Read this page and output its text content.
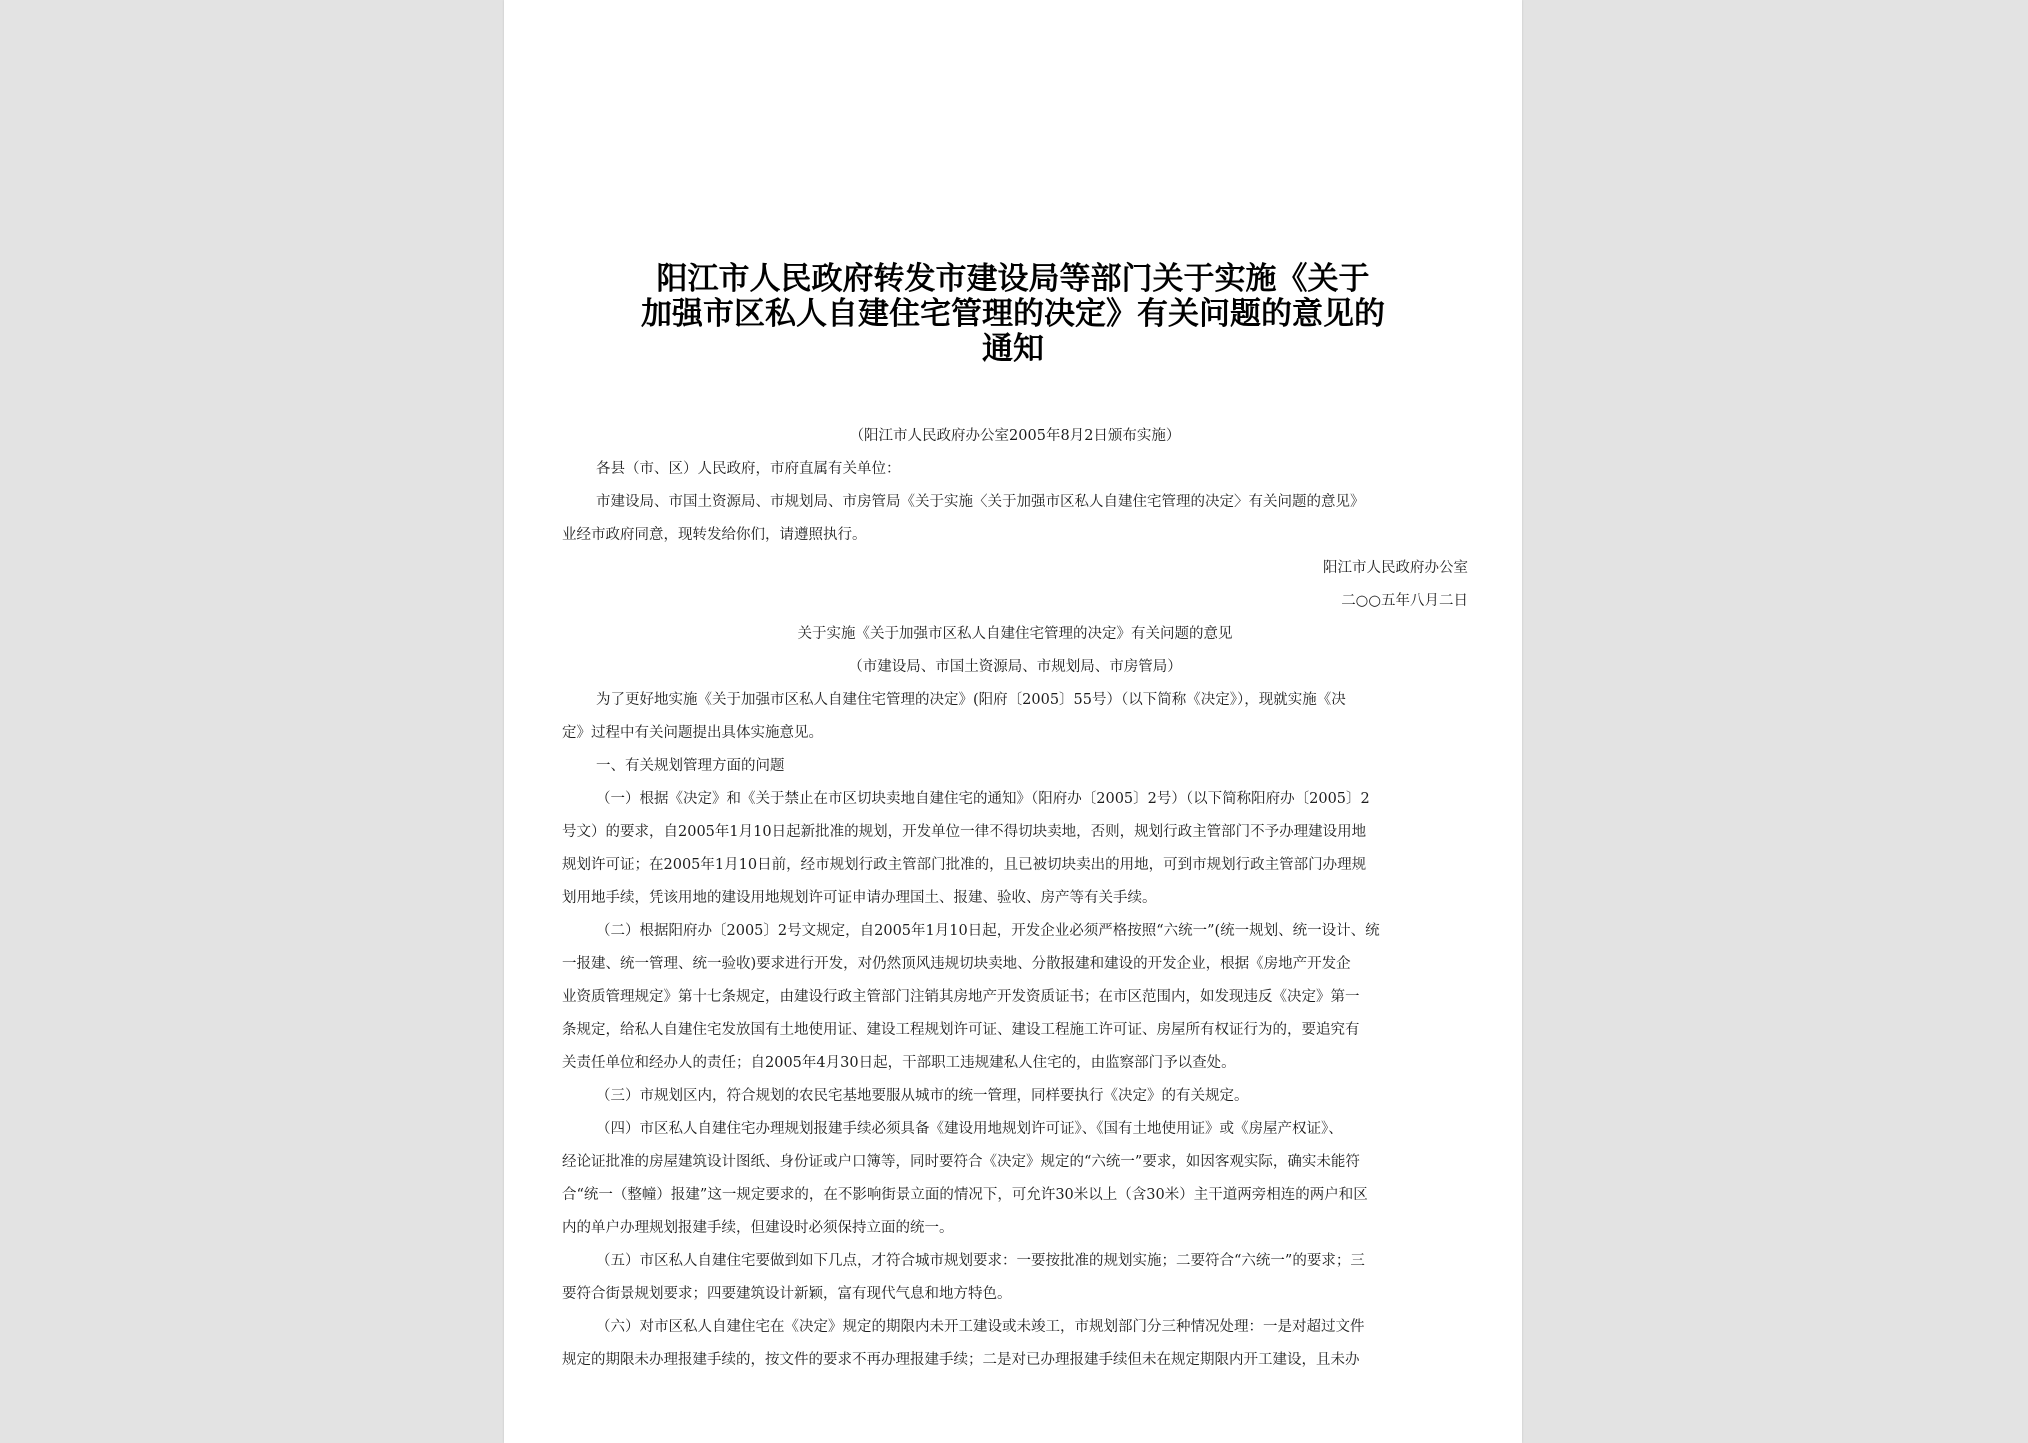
阳江市人民政府转发市建设局等部门关于实施《关于
加强市区私人自建住宅管理的决定》有关问题的意见的
通知
（阳江市人民政府办公室2005年8月2日颁布实施）
各县（市、区）人民政府，市府直属有关单位：
市建设局、市国土资源局、市规划局、市房管局《关于实施〈关于加强市区私人自建住宅管理的决定〉有关问题的意见》
业经市政府同意，现转发给你们，请遵照执行。
阳江市人民政府办公室
二○○五年八月二日
关于实施《关于加强市区私人自建住宅管理的决定》有关问题的意见
（市建设局、市国土资源局、市规划局、市房管局）
为了更好地实施《关于加强市区私人自建住宅管理的决定》(阳府〔2005〕55号）（以下简称《决定》），现就实施《决
定》过程中有关问题提出具体实施意见。
一、有关规划管理方面的问题
（一）根据《决定》和《关于禁止在市区切块卖地自建住宅的通知》（阳府办〔2005〕2号）（以下简称阳府办〔2005〕2
号文）的要求，自2005年1月10日起新批准的规划，开发单位一律不得切块卖地，否则，规划行政主管部门不予办理建设用地
规划许可证；在2005年1月10日前，经市规划行政主管部门批准的，且已被切块卖出的用地，可到市规划行政主管部门办理规
划用地手续，凭该用地的建设用地规划许可证申请办理国土、报建、验收、房产等有关手续。
（二）根据阳府办〔2005〕2号文规定，自2005年1月10日起，开发企业必须严格按照“六统一”(统一规划、统一设计、统
一报建、统一管理、统一验收)要求进行开发，对仍然顶风违规切块卖地、分散报建和建设的开发企业，根据《房地产开发企
业资质管理规定》第十七条规定，由建设行政主管部门注销其房地产开发资质证书；在市区范围内，如发现违反《决定》第一
条规定，给私人自建住宅发放国有土地使用证、建设工程规划许可证、建设工程施工许可证、房屋所有权证行为的，要追究有
关责任单位和经办人的责任；自2005年4月30日起，干部职工违规建私人住宅的，由监察部门予以查处。
（三）市规划区内，符合规划的农民宅基地要服从城市的统一管理，同样要执行《决定》的有关规定。
（四）市区私人自建住宅办理规划报建手续必须具备《建设用地规划许可证》、《国有土地使用证》或《房屋产权证》、
经论证批准的房屋建筑设计图纸、身份证或户口簿等，同时要符合《决定》规定的“六统一”要求，如因客观实际，确实未能符
合“统一（整幢）报建”这一规定要求的，在不影响街景立面的情况下，可允许30米以上（含30米）主干道两旁相连的两户和区
内的单户办理规划报建手续，但建设时必须保持立面的统一。
（五）市区私人自建住宅要做到如下几点，才符合城市规划要求：一要按批准的规划实施；二要符合“六统一”的要求；三
要符合街景规划要求；四要建筑设计新颖，富有现代气息和地方特色。
（六）对市区私人自建住宅在《决定》规定的期限内未开工建设或未竣工，市规划部门分三种情况处理：一是对超过文件
规定的期限未办理报建手续的，按文件的要求不再办理报建手续；二是对已办理报建手续但未在规定期限内开工建设，且未办
